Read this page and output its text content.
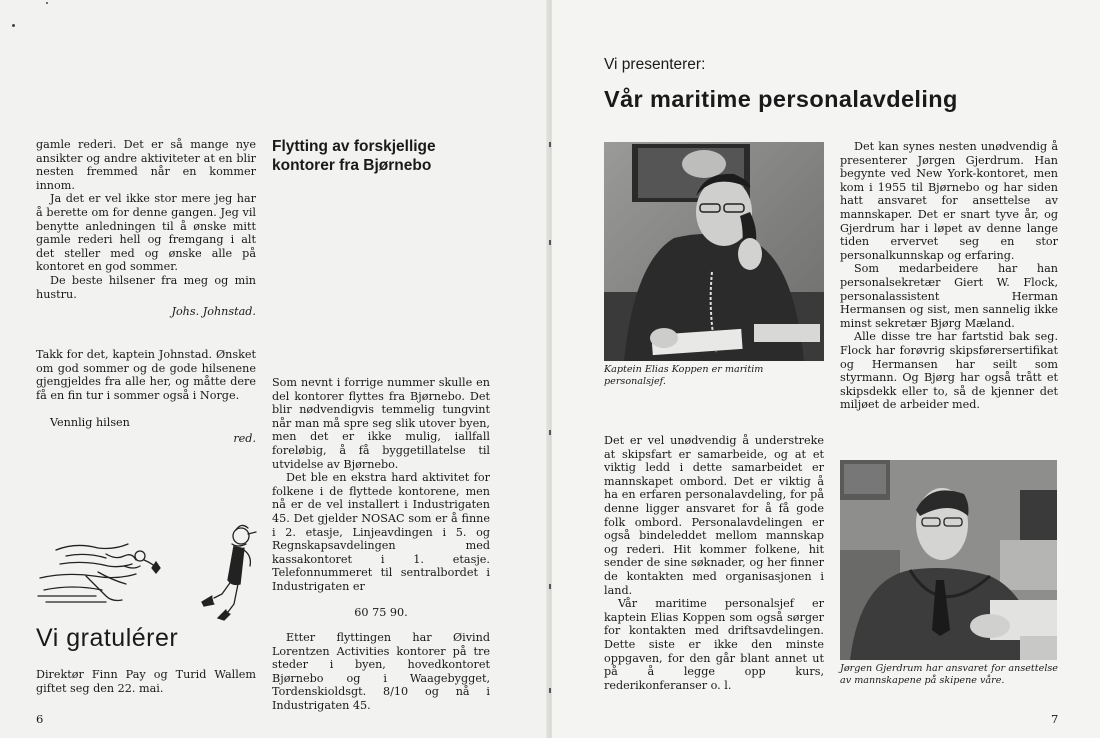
gamle rederi. Det er så mange nye ansikter og andre aktiviteter at en blir nesten fremmed når en kommer innom.

Ja det er vel ikke stor mere jeg har å berette om for denne gangen. Jeg vil benytte anledningen til å ønske mitt gamle rederi hell og fremgang i alt det steller med og ønske alle på kontoret en god sommer.

De beste hilsener fra meg og min hustru.

Johs. Johnstad.

Takk for det, kaptein Johnstad. Ønsket om god sommer og de gode hilsenene gjengjeldes fra alle her, og måtte dere få en fin tur i sommer også i Norge.

Vennlig hilsen

red.

Flytting av forskjellige kontorer fra Bjørnebo

Som nevnt i forrige nummer skulle en del kontorer flyttes fra Bjørnebo. Det blir nødvendigvis temmelig tungvint når man må spre seg slik utover byen, men det er ikke mulig, iallfall foreløbig, å få byggetillatelse til utvidelse av Bjørnebo.

Det ble en ekstra hard aktivitet for folkene i de flyttede kontorene, men nå er de vel installert i Industrigaten 45. Det gjelder NOSAC som er å finne i 2. etasje, Linjeavdingen i 5. og Regnskapsavdelingen med kassakontoret i 1. etasje. Telefonnummeret til sentralbordet i Industrigaten er

60 75 90.

Etter flyttingen har Øivind Lorentzen Activities kontorer på tre steder i byen, hovedkontoret Bjørnebo og i Waagebygget, Tordenskioldsgt. 8/10 og nå i Industrigaten 45.

Vi gratulérer

Direktør Finn Pay og Turid Wallem giftet seg den 22. mai.

6
Vi presenterer:
Vår maritime personalavdeling
Kaptein Elias Koppen er maritim personalsjef.

Det kan synes nesten unødvendig å presenterer Jørgen Gjerdrum. Han begynte ved New York-kontoret, men kom i 1955 til Bjørnebo og har siden hatt ansvaret for ansettelse av mannskaper. Det er snart tyve år, og Gjerdrum har i løpet av denne lange tiden ervervet seg en stor personalkunnskap og erfaring.

Som medarbeidere har han personalsekretær Giert W. Flock, personalassistent Herman Hermansen og sist, men sannelig ikke minst sekretær Bjørg Mæland.

Alle disse tre har fartstid bak seg. Flock har forøvrig skipsførersertifikat og Hermansen har seilt som styrmann. Og Bjørg har også trått et skipsdekk eller to, så de kjenner det miljøet de arbeider med.

Det er vel unødvendig å understreke at skipsfart er samarbeide, og at et viktig ledd i dette samarbeidet er mannskapet ombord. Det er viktig å ha en erfaren personalavdeling, for på denne ligger ansvaret for å få gode folk ombord. Personalavdelingen er også bindeleddet mellom mannskap og rederi. Hit kommer folkene, hit sender de sine søknader, og her finner de kontakten med organisasjonen i land.

Vår maritime personalsjef er kaptein Elias Koppen som også sørger for kontakten med driftsavdelingen. Dette siste er ikke den minste oppgaven, for den går blant annet ut på å legge opp kurs, rederikonferanser o. l.

Jørgen Gjerdrum har ansvaret for ansettelse av mannskapene på skipene våre.
7
